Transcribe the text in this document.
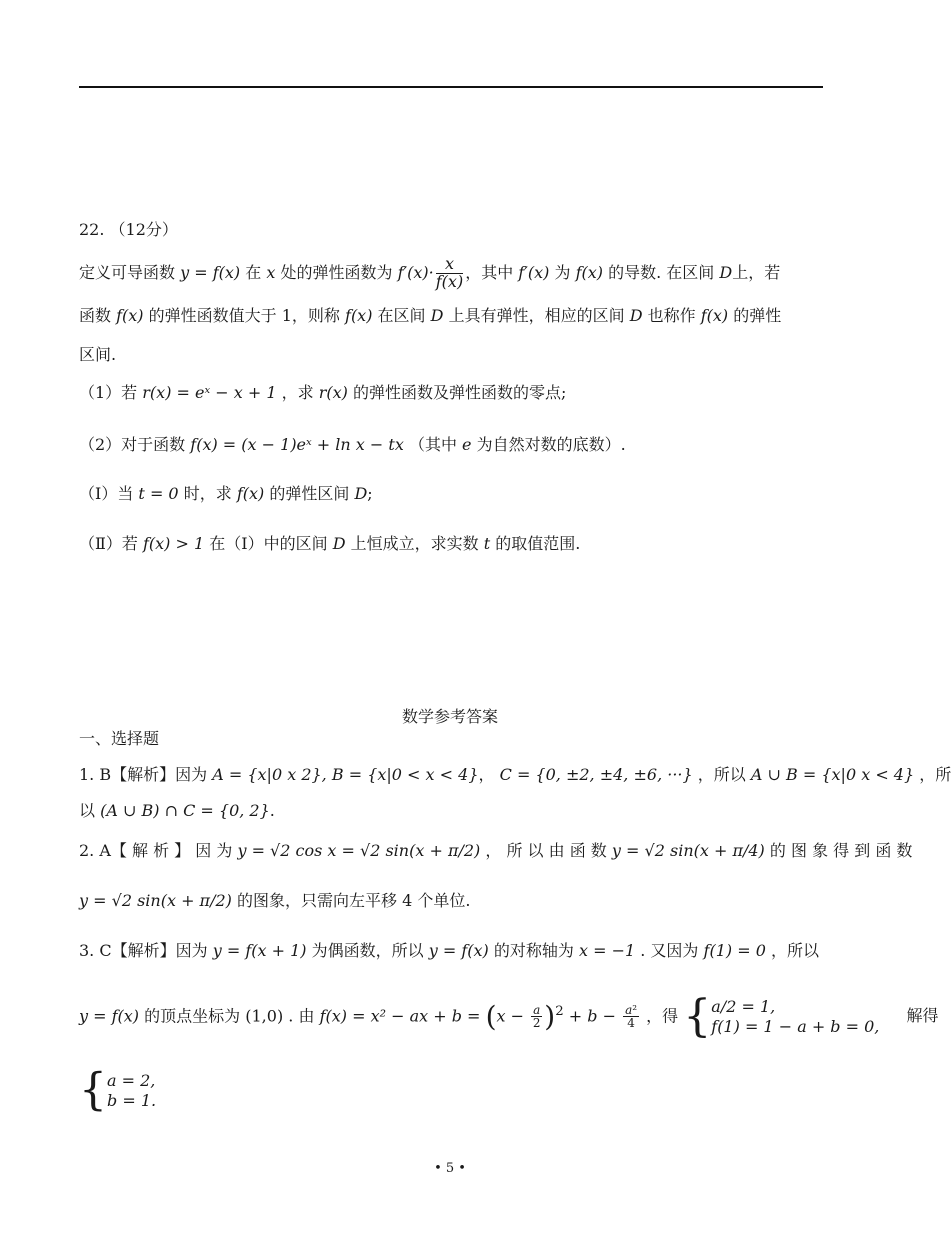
22. （12分）
定义可导函数 y = f(x) 在 x 处的弹性函数为 $f'(x)\cdot \frac{x}{f(x)}$ ，其中 f′(x) 为 f(x) 的导数. 在区间 D上，若
函数 f(x) 的弹性函数值大于 1，则称 f(x) 在区间 D 上具有弹性，相应的区间 D 也称作 f(x) 的弹性
区间.
（1）若 r(x) = eˣ − x + 1 ，求 r(x) 的弹性函数及弹性函数的零点;
（2）对于函数 f(x) = (x − 1)eˣ + ln x − tx （其中 e 为自然对数的底数）.
（Ⅰ）当 t = 0 时，求 f(x) 的弹性区间 D;
（Ⅱ）若 f(x) > 1 在（Ⅰ）中的区间 D 上恒成立，求实数 t 的取值范围.
数学参考答案
一、选择题
1. B【解析】因为 A = {x|0 x 2}, B = {x|0 < x < 4}， C = {0, ±2, ±4, ±6, ···} ，所以 A ∪ B = {x|0 x < 4} ，所
以 (A ∪ B) ∩ C = {0, 2}.
2. A【 解 析 】 因 为 y = √2 cos x = √2 sin(x + π/2) ， 所 以 由 函 数 y = √2 sin(x + π/4) 的 图 象 得 到 函 数
y = √2 sin(x + π/2) 的图象，只需向左平移 4 个单位.
3. C【解析】因为 y = f(x + 1) 为偶函数，所以 y = f(x) 的对称轴为 x = −1 . 又因为 f(1) = 0 ，所以
y = f(x) 的顶点坐标为 (1,0) . 由 f(x) = x² − ax + $b = (x - \frac{a}{2} )^2 + b - \frac{\text{a²}}{4}$ ，得 { a/2 = 1,
f(1) = 1 − a + b = 0,
解得
{ a = 2,
b = 1.
• 5 •
